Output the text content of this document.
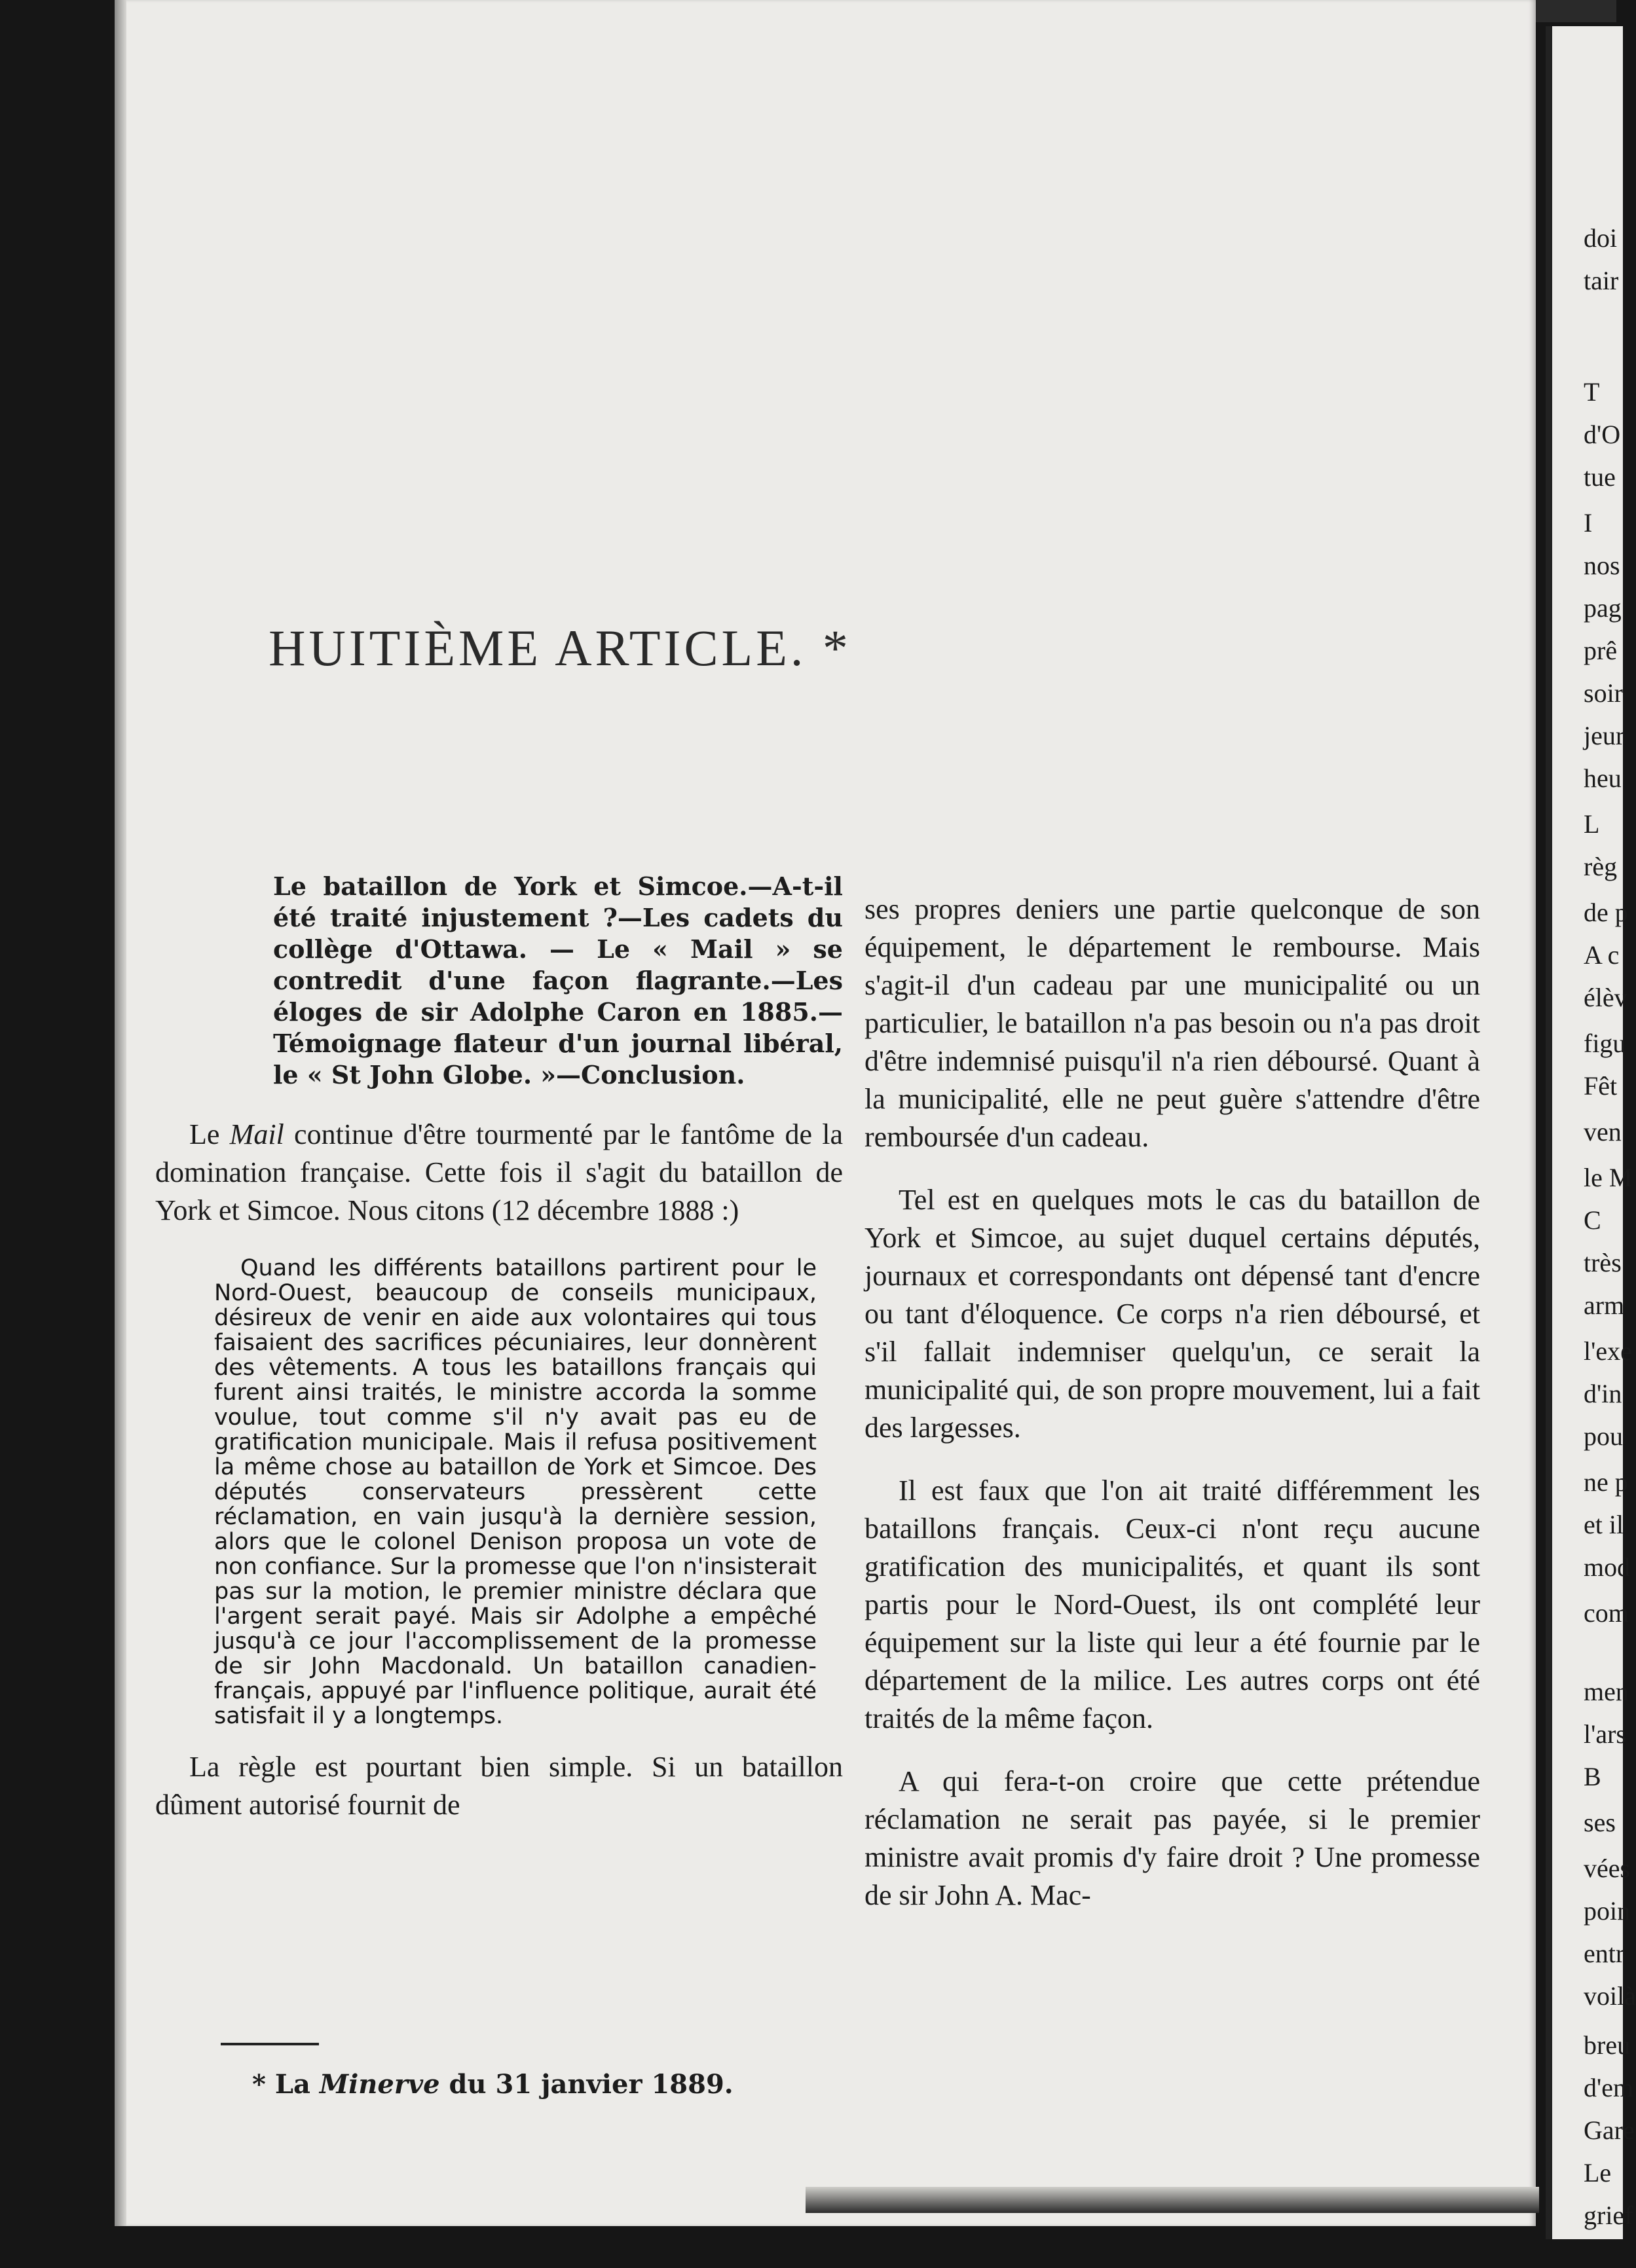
doi
tair
T
d'O
tue
I
nos
pag
prê
soir
jeur
heu
L
règ
de p
A c
élèv
figu
Fêt
ven
le M
C
très
arm
l'exe
d'in
pou
ne p
et il
mod
com
men
l'ars
B
ses
vées
poin
entr
voilà
breu
d'em
Gare
Le
grief
HUITIÈME ARTICLE. *

Le bataillon de York et Simcoe.—A-t-il été traité injustement ?—Les cadets du collège d'Ottawa. — Le « Mail » se contredit d'une façon flagrante.—Les éloges de sir Adolphe Caron en 1885.—Témoignage flateur d'un journal libéral, le « St John Globe. »—Conclusion.

Le Mail continue d'être tourmenté par le fantôme de la domination française. Cette fois il s'agit du bataillon de York et Simcoe. Nous citons (12 décembre 1888 :)

Quand les différents bataillons partirent pour le Nord-Ouest, beaucoup de conseils municipaux, désireux de venir en aide aux volontaires qui tous faisaient des sacrifices pécuniaires, leur donnèrent des vêtements. A tous les bataillons français qui furent ainsi traités, le ministre accorda la somme voulue, tout comme s'il n'y avait pas eu de gratification municipale. Mais il refusa positivement la même chose au bataillon de York et Simcoe. Des députés conservateurs pressèrent cette réclamation, en vain jusqu'à la dernière session, alors que le colonel Denison proposa un vote de non confiance. Sur la promesse que l'on n'insisterait pas sur la motion, le premier ministre déclara que l'argent serait payé. Mais sir Adolphe a empêché jusqu'à ce jour l'accomplissement de la promesse de sir John Macdonald. Un bataillon canadien-français, appuyé par l'influence politique, aurait été satisfait il y a longtemps.

La règle est pourtant bien simple. Si un bataillon dûment autorisé fournit de

ses propres deniers une partie quelconque de son équipement, le département le rembourse. Mais s'agit-il d'un cadeau par une municipalité ou un particulier, le bataillon n'a pas besoin ou n'a pas droit d'être indemnisé puisqu'il n'a rien déboursé. Quant à la municipalité, elle ne peut guère s'attendre d'être remboursée d'un cadeau.

Tel est en quelques mots le cas du bataillon de York et Simcoe, au sujet duquel certains députés, journaux et correspondants ont dépensé tant d'encre ou tant d'éloquence. Ce corps n'a rien déboursé, et s'il fallait indemniser quelqu'un, ce serait la municipalité qui, de son propre mouvement, lui a fait des largesses.

Il est faux que l'on ait traité différemment les bataillons français. Ceux-ci n'ont reçu aucune gratification des municipalités, et quant ils sont partis pour le Nord-Ouest, ils ont complété leur équipement sur la liste qui leur a été fournie par le département de la milice. Les autres corps ont été traités de la même façon.

A qui fera-t-on croire que cette prétendue réclamation ne serait pas payée, si le premier ministre avait promis d'y faire droit ? Une promesse de sir John A. Mac-

* La Minerve du 31 janvier 1889.
